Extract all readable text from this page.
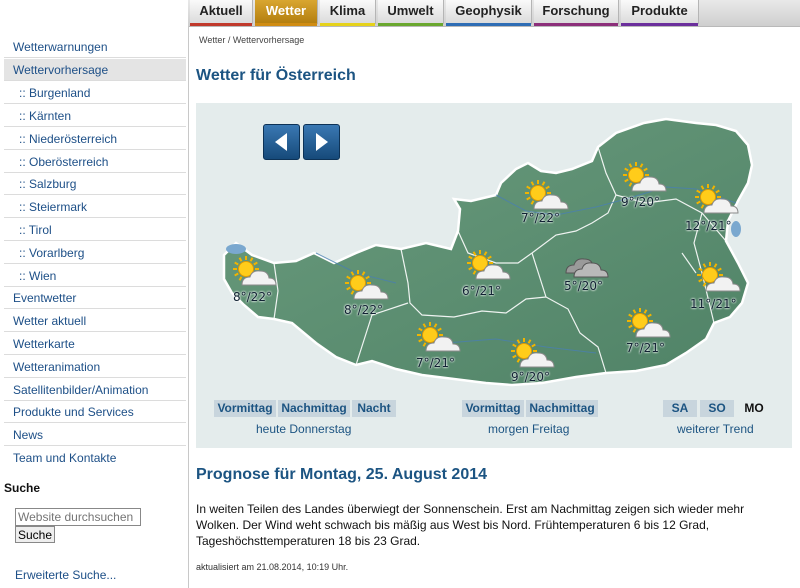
Aktuell	Wetter	Klima	Umwelt	Geophysik	Forschung	Produkte
Wetterwarnungen
Wettervorhersage
:: Burgenland
:: Kärnten
:: Niederösterreich
:: Oberösterreich
:: Salzburg
:: Steiermark
:: Tirol
:: Vorarlberg
:: Wien
Eventwetter
Wetter aktuell
Wetterkarte
Wetteranimation
Satellitenbilder/Animation
Produkte und Services
News
Team und Kontakte
Suche
Website durchsuchen
Suche
Erweiterte Suche...
Wetter / Wettervorhersage
Wetter für Österreich
8°/22°
8°/22°
7°/21°
6°/21°
9°/20°
7°/22°
5°/20°
7°/21°
9°/20°
12°/21°
11°/21°
Vormittag Nachmittag Nacht
heute Donnerstag
Vormittag Nachmittag
morgen Freitag
SA	SO	MO
weiterer Trend
Prognose für Montag, 25. August 2014
In weiten Teilen des Landes überwiegt der Sonnenschein. Erst am Nachmittag zeigen sich wieder mehr Wolken. Der Wind weht schwach bis mäßig aus West bis Nord. Frühtemperaturen 6 bis 12 Grad, Tageshöchsttemperaturen 18 bis 23 Grad.
aktualisiert am 21.08.2014, 10:19 Uhr.
